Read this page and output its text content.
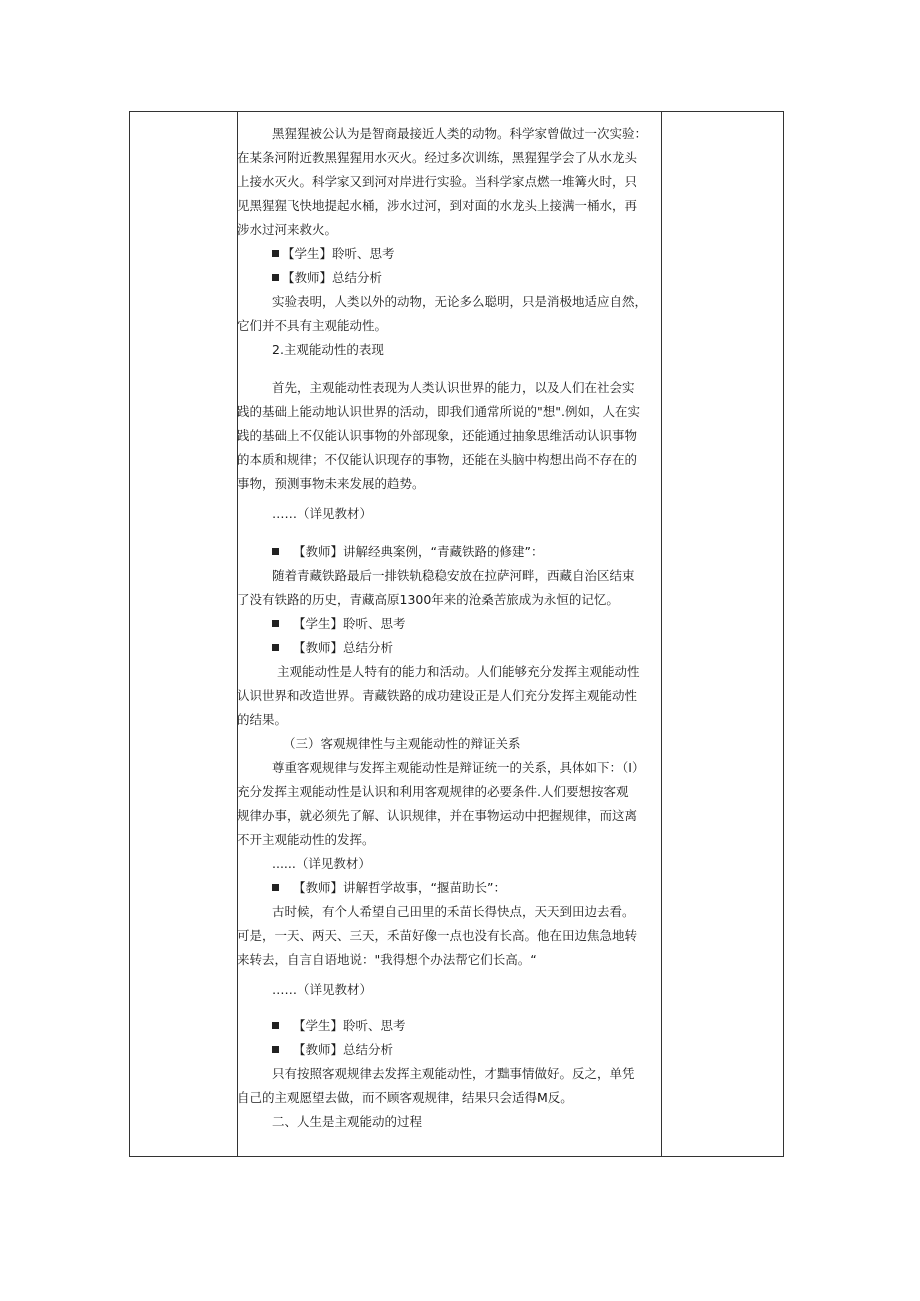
黑猩猩被公认为是智商最接近人类的动物。科学家曾做过一次实验：

在某条河附近教黑猩猩用水灭火。经过多次训练，黑猩猩学会了从水龙头

上接水灭火。科学家又到河对岸进行实验。当科学家点燃一堆篝火时，只

见黑猩猩飞快地提起水桶，涉水过河，到对面的水龙头上接满一桶水，再

涉水过河来救火。

【学生】聆听、思考

【教师】总结分析

实验表明，人类以外的动物，无论多么聪明，只是消极地适应自然，

它们并不具有主观能动性。

2.主观能动性的表现

首先，主观能动性表现为人类认识世界的能力，以及人们在社会实

践的基础上能动地认识世界的活动，即我们通常所说的"想".例如，人在实

践的基础上不仅能认识事物的外部现象，还能通过抽象思维活动认识事物

的本质和规律；不仅能认识现存的事物，还能在头脑中构想出尚不存在的

事物，预测事物未来发展的趋势。

……（详见教材）

【教师】讲解经典案例，“青藏铁路的修建”：

随着青藏铁路最后一排铁轨稳稳安放在拉萨河畔，西藏自治区结束

了没有铁路的历史，青藏高原1300年来的沧桑苦旅成为永恒的记忆。

【学生】聆听、思考

【教师】总结分析

主观能动性是人特有的能力和活动。人们能够充分发挥主观能动性

认识世界和改造世界。青藏铁路的成功建设正是人们充分发挥主观能动性

的结果。

（三）客观规律性与主观能动性的辩证关系

尊重客观规律与发挥主观能动性是辩证统一的关系，具体如下：（I）

充分发挥主观能动性是认识和利用客观规律的必要条件.人们要想按客观

规律办事，就必须先了解、认识规律，并在事物运动中把握规律，而这离

不开主观能动性的发挥。

......（详见教材）

【教师】讲解哲学故事，“揠苗助长”：

古时候，有个人希望自己田里的禾苗长得快点，天天到田边去看。

可是，一天、两天、三天，禾苗好像一点也没有长高。他在田边焦急地转

来转去，自言自语地说："我得想个办法帮它们长高。“

……（详见教材）

【学生】聆听、思考

【教师】总结分析

只有按照客观规律去发挥主观能动性，才黜事情做好。反之，单凭

自己的主观愿望去做，而不顾客观规律，结果只会适得M反。

二、人生是主观能动的过程
